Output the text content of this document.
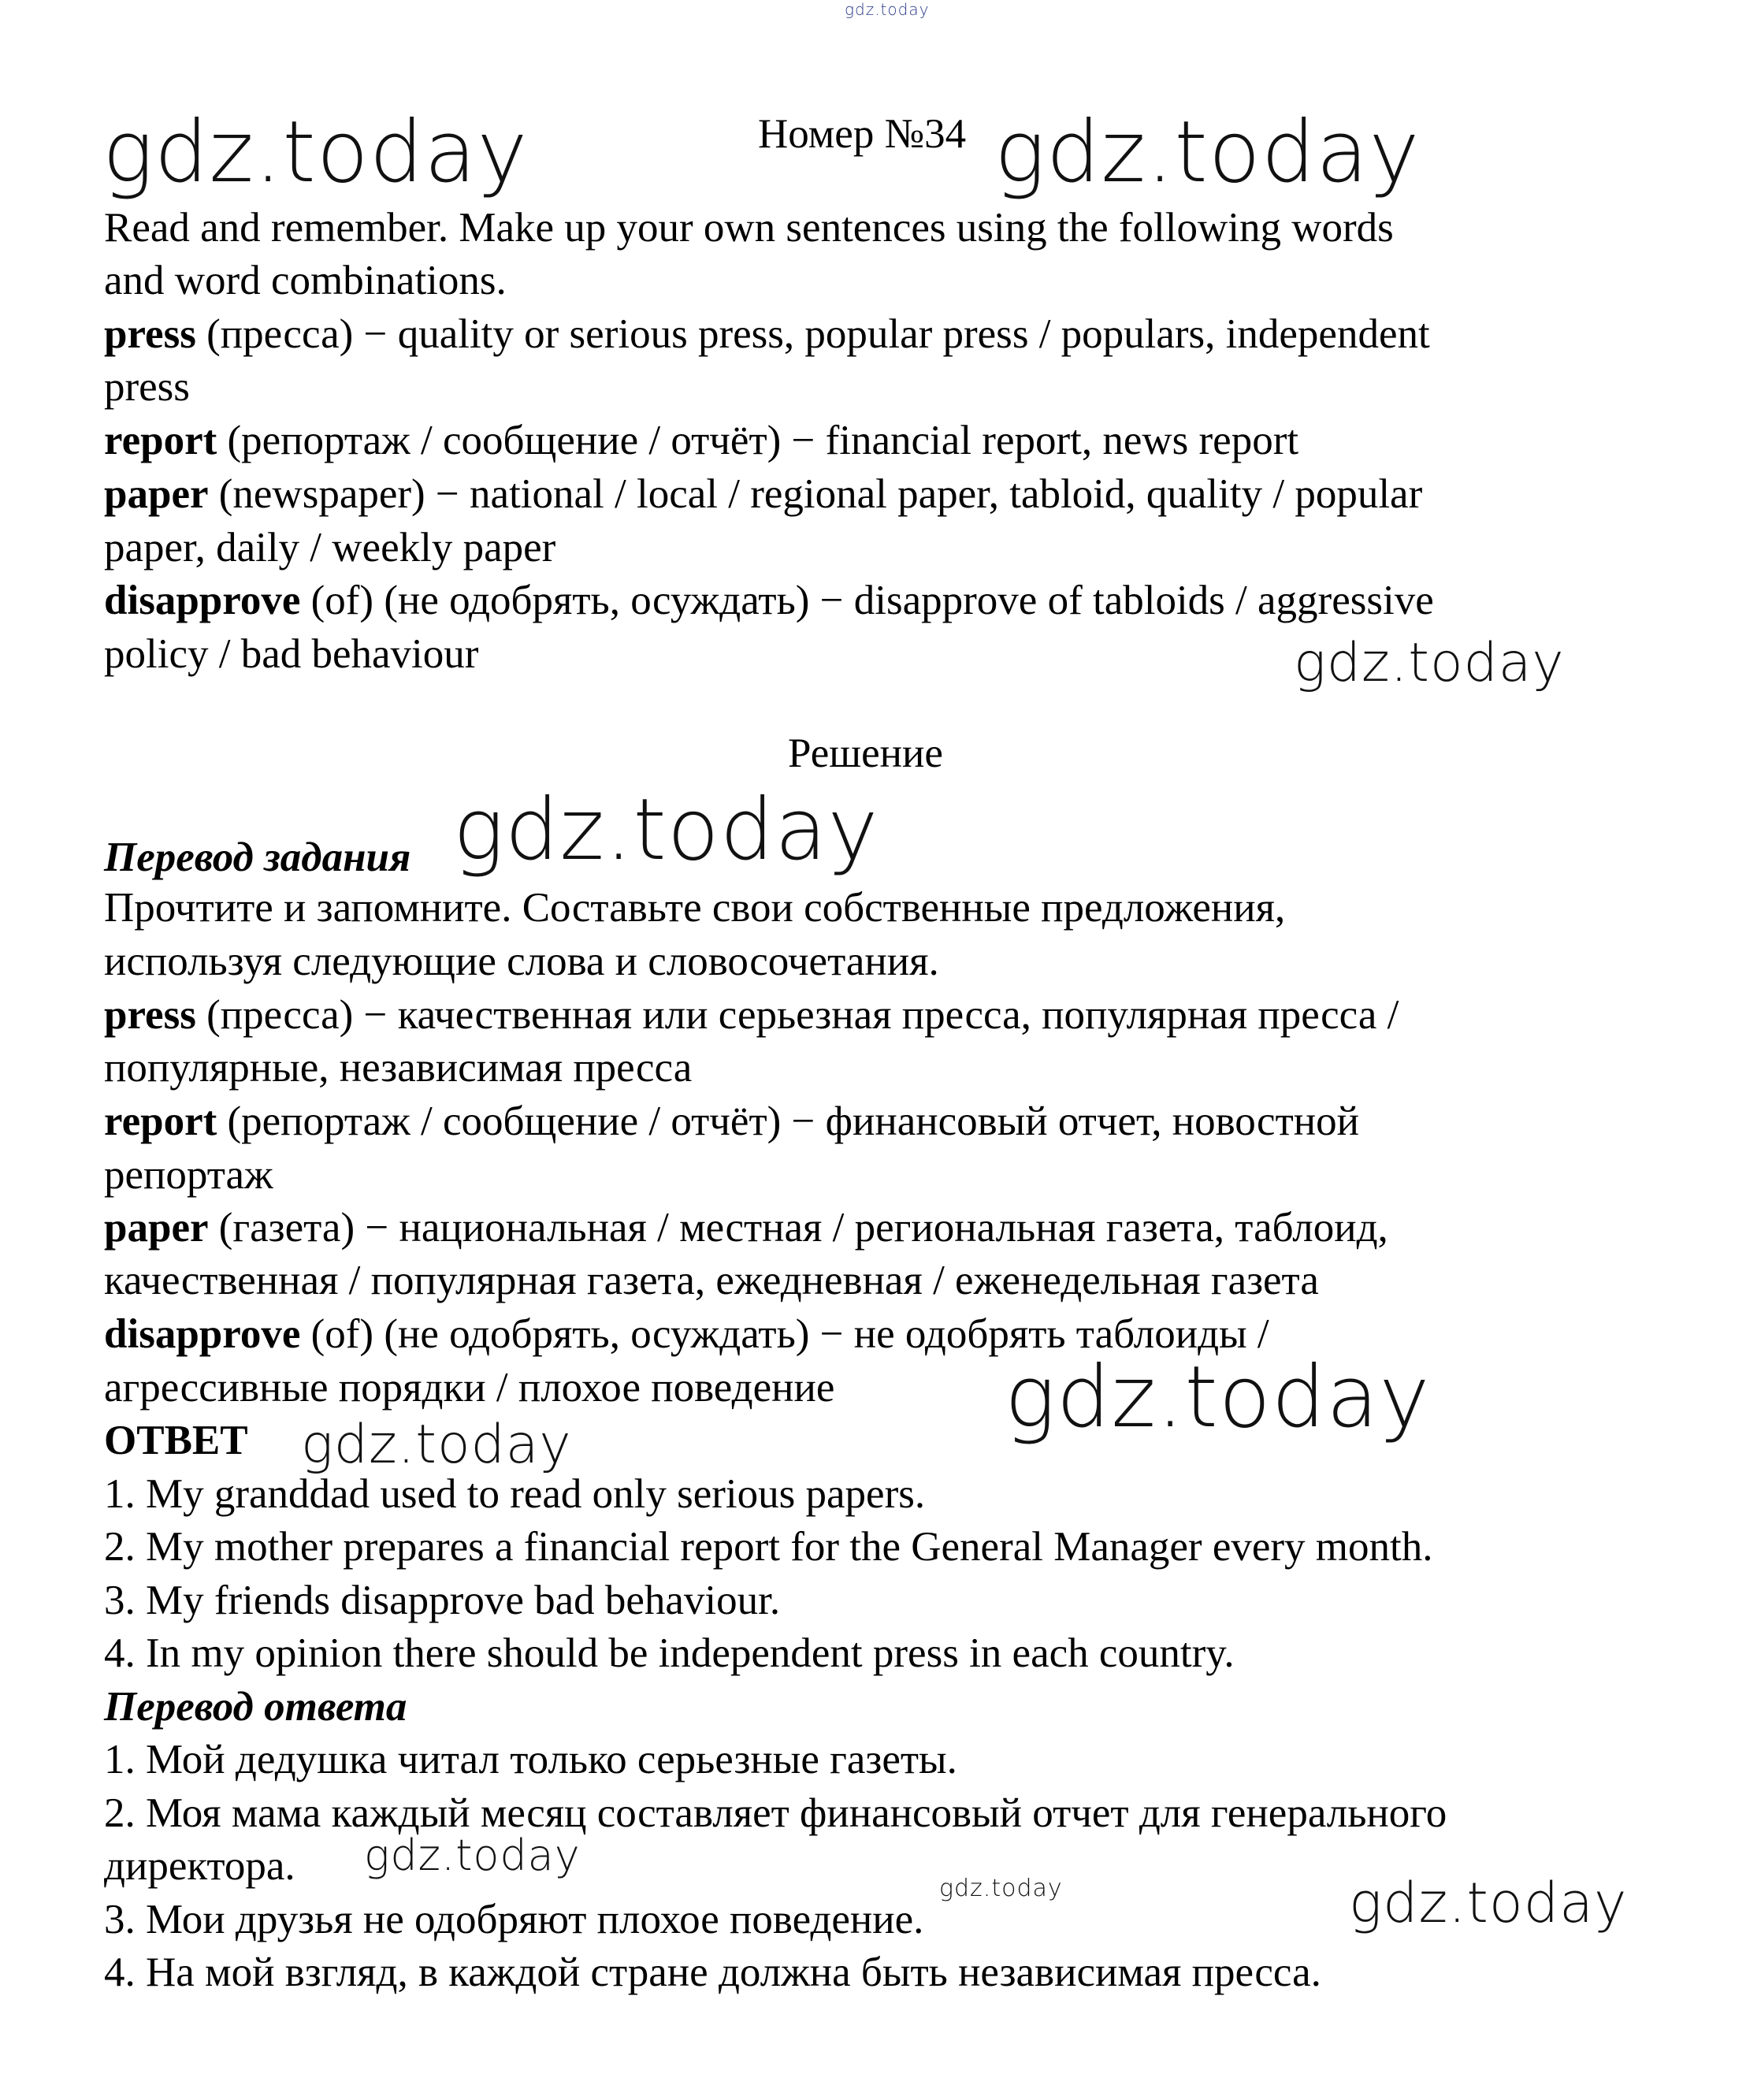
gdz.today
gdz.today	gdz.today
gdz.today
gdz.today
gdz.today
gdz.today
gdz.today
gdz.today	gdz.today
Номер №34
Read and remember. Make up your own sentences using the following words
and word combinations.
press (пресса) − quality or serious press, popular press / populars, independent
press
report (репортаж / сообщение / отчёт) − financial report, news report
paper (newspaper) − national / local / regional paper, tabloid, quality / popular
paper, daily / weekly paper
disapprove (of) (не одобрять, осуждать) − disapprove of tabloids / aggressive
policy / bad behaviour
Решение
Перевод задания
Прочтите и запомните. Составьте свои собственные предложения,
используя следующие слова и словосочетания.
press (пресса) − качественная или серьезная пресса, популярная пресса /
популярные, независимая пресса
report (репортаж / сообщение / отчёт) − финансовый отчет, новостной
репортаж
paper (газета) − национальная / местная / региональная газета, таблоид,
качественная / популярная газета, ежедневная / еженедельная газета
disapprove (of) (не одобрять, осуждать) − не одобрять таблоиды /
агрессивные порядки / плохое поведение
ОТВЕТ
1. My granddad used to read only serious papers.
2. My mother prepares a financial report for the General Manager every month.
3. My friends disapprove bad behaviour.
4. In my opinion there should be independent press in each country.
Перевод ответа
1. Мой дедушка читал только серьезные газеты.
2. Моя мама каждый месяц составляет финансовый отчет для генерального
директора.
3. Мои друзья не одобряют плохое поведение.
4. На мой взгляд, в каждой стране должна быть независимая пресса.
